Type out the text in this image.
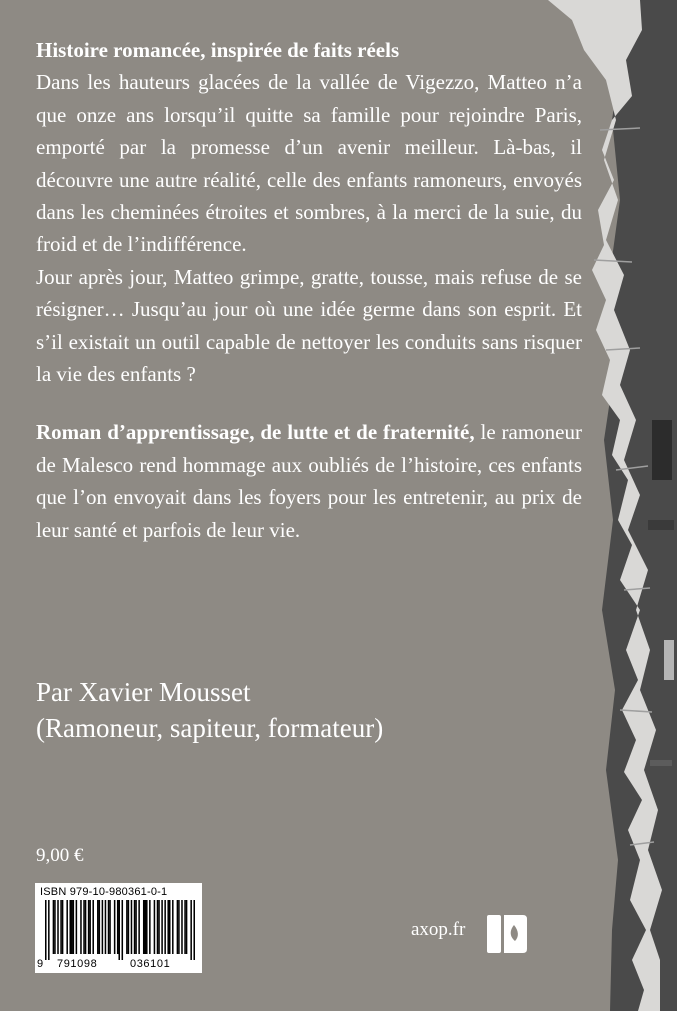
Histoire romancée, inspirée de faits réels

Dans les hauteurs glacées de la vallée de Vigezzo, Matteo n’a que onze ans lorsqu’il quitte sa famille pour rejoindre Paris, emporté par la promesse d’un avenir meilleur. Là-bas, il découvre une autre réalité, celle des enfants ramoneurs, envoyés dans les cheminées étroites et sombres, à la merci de la suie, du froid et de l’indifférence.

Jour après jour, Matteo grimpe, gratte, tousse, mais refuse de se résigner… Jusqu’au jour où une idée germe dans son esprit. Et s’il existait un outil capable de nettoyer les conduits sans risquer la vie des enfants ?

Roman d’apprentissage, de lutte et de fraternité, le ramoneur de Malesco rend hommage aux oubliés de l’histoire, ces enfants que l’on envoyait dans les foyers pour les entretenir, au prix de leur santé et parfois de leur vie.

Par Xavier Mousset
(Ramoneur, sapiteur, formateur)
9,00 €
ISBN 979-10-980361-0-1
9 791098	036101
axop.fr
